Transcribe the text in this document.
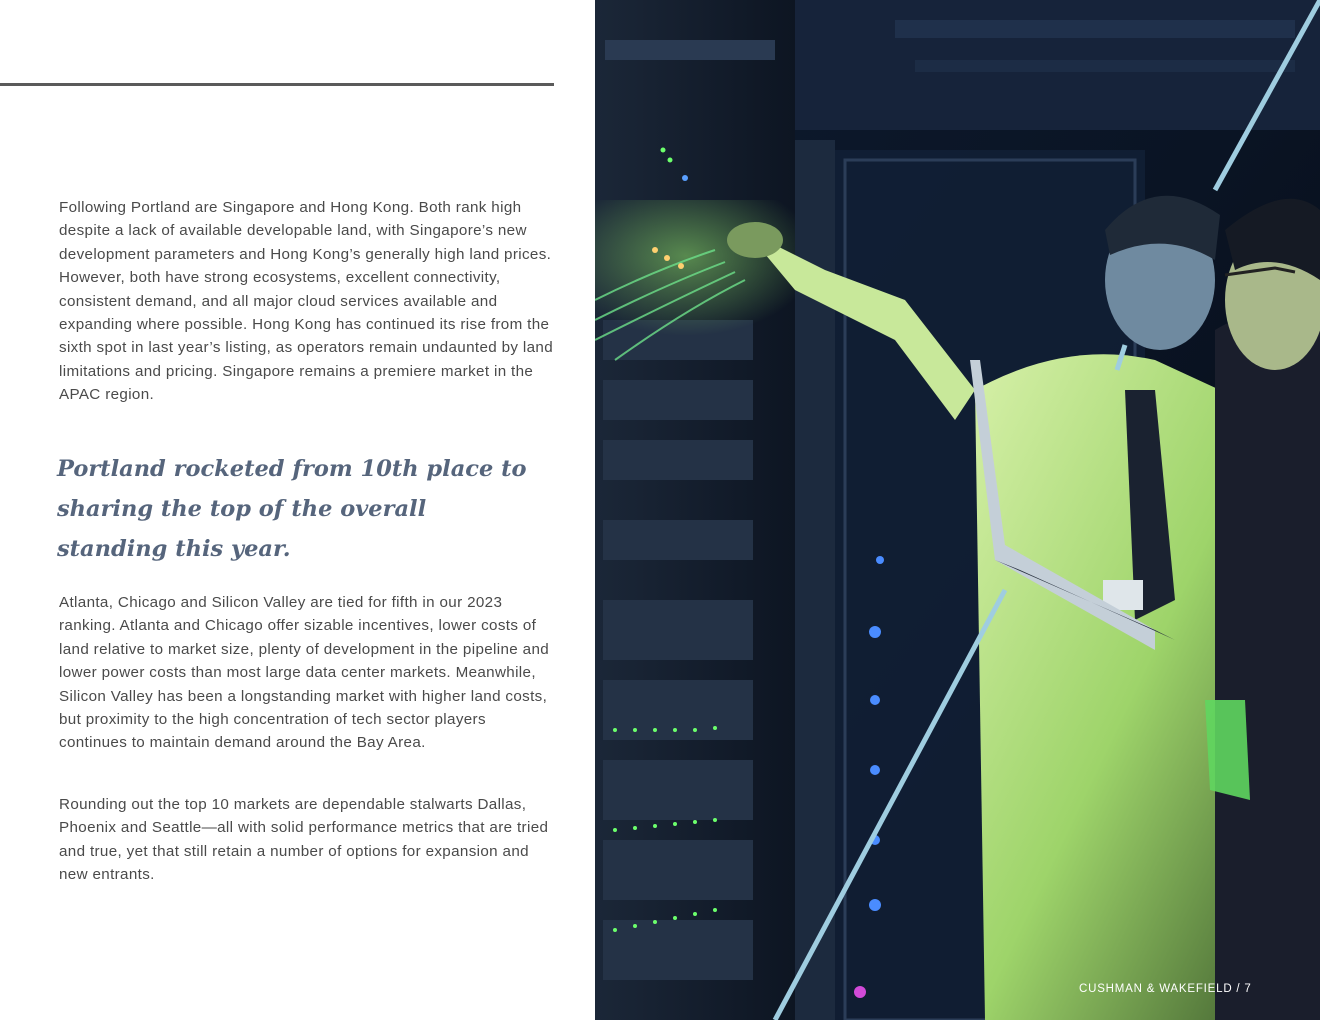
Following Portland are Singapore and Hong Kong. Both rank high despite a lack of available developable land, with Singapore’s new development parameters and Hong Kong’s generally high land prices. However, both have strong ecosystems, excellent connectivity, consistent demand, and all major cloud services available and expanding where possible. Hong Kong has continued its rise from the sixth spot in last year’s listing, as operators remain undaunted by land limitations and pricing. Singapore remains a premiere market in the APAC region.

Portland rocketed from 10th place to sharing the top of the overall standing this year.

Atlanta, Chicago and Silicon Valley are tied for fifth in our 2023 ranking. Atlanta and Chicago offer sizable incentives, lower costs of land relative to market size, plenty of development in the pipeline and lower power costs than most large data center markets. Meanwhile, Silicon Valley has been a longstanding market with higher land costs, but proximity to the high concentration of tech sector players continues to maintain demand around the Bay Area.

Rounding out the top 10 markets are dependable stalwarts Dallas, Phoenix and Seattle—all with solid performance metrics that are tried and true, yet that still retain a number of options for expansion and new entrants.

CUSHMAN & WAKEFIELD / 7
